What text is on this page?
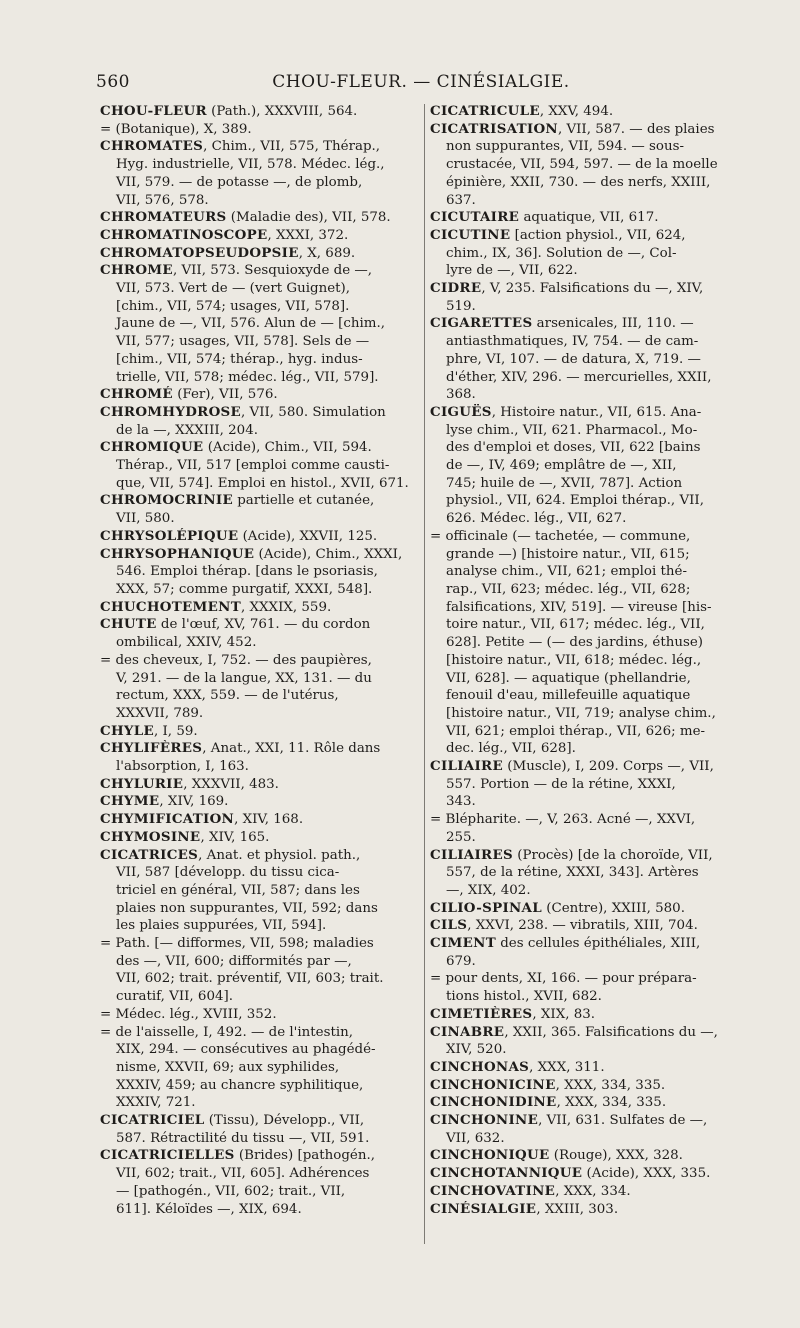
560	CHOU-FLEUR. — CINÉSIALGIE.
CHOU-FLEUR (Path.), XXXVIII, 564.
= (Botanique), X, 389.
CHROMATES, Chim., VII, 575, Thérap.,
Hyg. industrielle, VII, 578. Médec. lég.,
VII, 579. — de potasse —, de plomb,
VII, 576, 578.
CHROMATEURS (Maladie des), VII, 578.
CHROMATINOSCOPE, XXXI, 372.
CHROMATOPSEUDOPSIE, X, 689.
CHROME, VII, 573. Sesquioxyde de —,
VII, 573. Vert de — (vert Guignet),
[chim., VII, 574; usages, VII, 578].
Jaune de —, VII, 576. Alun de — [chim.,
VII, 577; usages, VII, 578]. Sels de —
[chim., VII, 574; thérap., hyg. indus-
trielle, VII, 578; médec. lég., VII, 579].
CHROMÉ (Fer), VII, 576.
CHROMHYDROSE, VII, 580. Simulation
de la —, XXXIII, 204.
CHROMIQUE (Acide), Chim., VII, 594.
Thérap., VII, 517 [emploi comme causti-
que, VII, 574]. Emploi en histol., XVII, 671.
CHROMOCRINIE partielle et cutanée,
VII, 580.
CHRYSOLÉPIQUE (Acide), XXVII, 125.
CHRYSOPHANIQUE (Acide), Chim., XXXI,
546. Emploi thérap. [dans le psoriasis,
XXX, 57; comme purgatif, XXXI, 548].
CHUCHOTEMENT, XXXIX, 559.
CHUTE de l'œuf, XV, 761. — du cordon
ombilical, XXIV, 452.
= des cheveux, I, 752. — des paupières,
V, 291. — de la langue, XX, 131. — du
rectum, XXX, 559. — de l'utérus,
XXXVII, 789.
CHYLE, I, 59.
CHYLIFÈRES, Anat., XXI, 11. Rôle dans
l'absorption, I, 163.
CHYLURIE, XXXVII, 483.
CHYME, XIV, 169.
CHYMIFICATION, XIV, 168.
CHYMOSINE, XIV, 165.
CICATRICES, Anat. et physiol. path.,
VII, 587 [développ. du tissu cica-
triciel en général, VII, 587; dans les
plaies non suppurantes, VII, 592; dans
les plaies suppurées, VII, 594].
= Path. [— difformes, VII, 598; maladies
des —, VII, 600; difformités par —,
VII, 602; trait. préventif, VII, 603; trait.
curatif, VII, 604].
= Médec. lég., XVIII, 352.
= de l'aisselle, I, 492. — de l'intestin,
XIX, 294. — consécutives au phagédé-
nisme, XXVII, 69; aux syphilides,
XXXIV, 459; au chancre syphilitique,
XXXIV, 721.
CICATRICIEL (Tissu), Développ., VII,
587. Rétractilité du tissu —, VII, 591.
CICATRICIELLES (Brides) [pathogén.,
VII, 602; trait., VII, 605]. Adhérences
— [pathogén., VII, 602; trait., VII,
611]. Kéloïdes —, XIX, 694.
CICATRICULE, XXV, 494.
CICATRISATION, VII, 587. — des plaies
non suppurantes, VII, 594. — sous-
crustacée, VII, 594, 597. — de la moelle
épinière, XXII, 730. — des nerfs, XXIII,
637.
CICUTAIRE aquatique, VII, 617.
CICUTINE [action physiol., VII, 624,
chim., IX, 36]. Solution de —, Col-
lyre de —, VII, 622.
CIDRE, V, 235. Falsifications du —, XIV,
519.
CIGARETTES arsenicales, III, 110. —
antiasthmatiques, IV, 754. — de cam-
phre, VI, 107. — de datura, X, 719. —
d'éther, XIV, 296. — mercurielles, XXII,
368.
CIGUËS, Histoire natur., VII, 615. Ana-
lyse chim., VII, 621. Pharmacol., Mo-
des d'emploi et doses, VII, 622 [bains
de —, IV, 469; emplâtre de —, XII,
745; huile de —, XVII, 787]. Action
physiol., VII, 624. Emploi thérap., VII,
626. Médec. lég., VII, 627.
= officinale (— tachetée, — commune,
grande —) [histoire natur., VII, 615;
analyse chim., VII, 621; emploi thé-
rap., VII, 623; médec. lég., VII, 628;
falsifications, XIV, 519]. — vireuse [his-
toire natur., VII, 617; médec. lég., VII,
628]. Petite — (— des jardins, éthuse)
[histoire natur., VII, 618; médec. lég.,
VII, 628]. — aquatique (phellandrie,
fenouil d'eau, millefeuille aquatique
[histoire natur., VII, 719; analyse chim.,
VII, 621; emploi thérap., VII, 626; me-
dec. lég., VII, 628].
CILIAIRE (Muscle), I, 209. Corps —, VII,
557. Portion — de la rétine, XXXI,
343.
= Blépharite. —, V, 263. Acné —, XXVI,
255.
CILIAIRES (Procès) [de la choroïde, VII,
557, de la rétine, XXXI, 343]. Artères
—, XIX, 402.
CILIO-SPINAL (Centre), XXIII, 580.
CILS, XXVI, 238. — vibratils, XIII, 704.
CIMENT des cellules épithéliales, XIII,
679.
= pour dents, XI, 166. — pour prépara-
tions histol., XVII, 682.
CIMETIÈRES, XIX, 83.
CINABRE, XXII, 365. Falsifications du —,
XIV, 520.
CINCHONAS, XXX, 311.
CINCHONICINE, XXX, 334, 335.
CINCHONIDINE, XXX, 334, 335.
CINCHONINE, VII, 631. Sulfates de —,
VII, 632.
CINCHONIQUE (Rouge), XXX, 328.
CINCHOTANNIQUE (Acide), XXX, 335.
CINCHOVATINE, XXX, 334.
CINÉSIALGIE, XXIII, 303.
